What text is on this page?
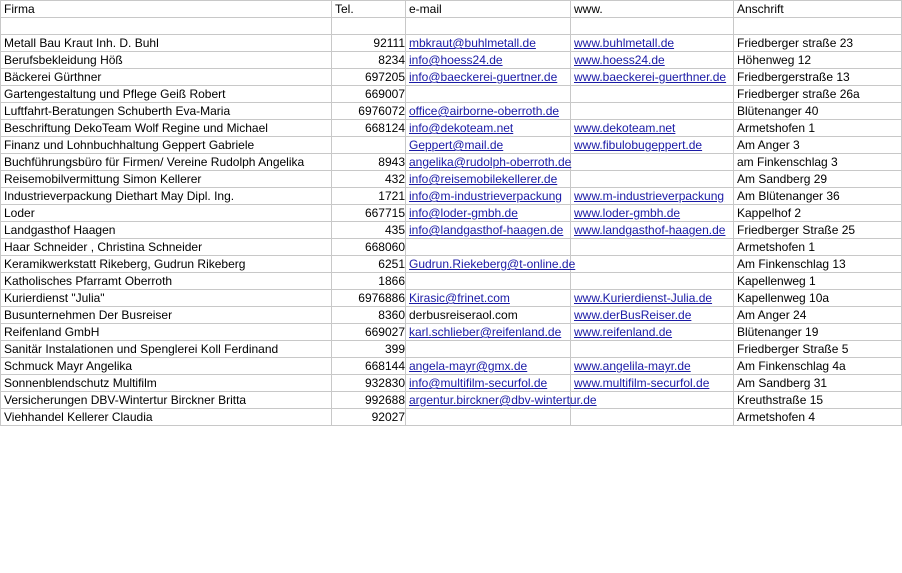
Firma	Tel.	e-mail	www.	Anschrift

Metall Bau Kraut Inh. D. Buhl	92111	mbkraut@buhlmetall.de	www.buhlmetall.de	Friedberger straße 23
Berufsbekleidung Höß	8234	info@hoess24.de	www.hoess24.de	Höhenweg 12
Bäckerei Gürthner	697205	info@baeckerei-guertner.de	www.baeckerei-guerthner.de	Friedbergerstraße 13
Gartengestaltung und Pflege Geiß Robert	669007			Friedberger straße 26a
Luftfahrt-Beratungen Schuberth Eva-Maria	6976072	office@airborne-oberroth.de		Blütenanger 40
Beschriftung DekoTeam Wolf Regine und Michael	668124	info@dekoteam.net	www.dekoteam.net	Armetshofen 1
Finanz und Lohnbuchhaltung Geppert Gabriele		Geppert@mail.de	www.fibulobugeppert.de	Am Anger 3
Buchführungsbüro für Firmen/ Vereine Rudolph Angelika	8943	angelika@rudolph-oberroth.de		am Finkenschlag 3
Reisemobilvermittung Simon Kellerer	432	info@reisemobilekellerer.de		Am Sandberg 29
Industrieverpackung Diethart May Dipl. Ing.	1721	info@m-industrieverpackung	www.m-industrieverpackung	Am Blütenanger 36
Loder	667715	info@loder-gmbh.de	www.loder-gmbh.de	Kappelhof 2
Landgasthof Haagen	435	info@landgasthof-haagen.de	www.landgasthof-haagen.de	Friedberger Straße 25
Haar Schneider , Christina Schneider	668060			Armetshofen 1
Keramikwerkstatt Rikeberg, Gudrun Rikeberg	6251	Gudrun.Riekeberg@t-online.de		Am Finkenschlag 13
Katholisches Pfarramt Oberroth	1866			Kapellenweg 1
Kurierdienst "Julia"	6976886	Kirasic@frinet.com	www.Kurierdienst-Julia.de	Kapellenweg 10a
Busunternehmen Der Busreiser	8360	derbusreiseraol.com	www.derBusReiser.de	Am Anger 24
Reifenland GmbH	669027	karl.schlieber@reifenland.de	www.reifenland.de	Blütenanger 19
Sanitär Instalationen und Spenglerei Koll Ferdinand	399			Friedberger Straße 5
Schmuck Mayr Angelika	668144	angela-mayr@gmx.de	www.angelila-mayr.de	Am Finkenschlag 4a
Sonnenblendschutz Multifilm	932830	info@multifilm-securfol.de	www.multifilm-securfol.de	Am Sandberg 31
Versicherungen DBV-Wintertur Birckner Britta	992688	argentur.birckner@dbv-wintertur.de		Kreuthstraße 15
Viehhandel Kellerer Claudia	92027			Armetshofen 4
